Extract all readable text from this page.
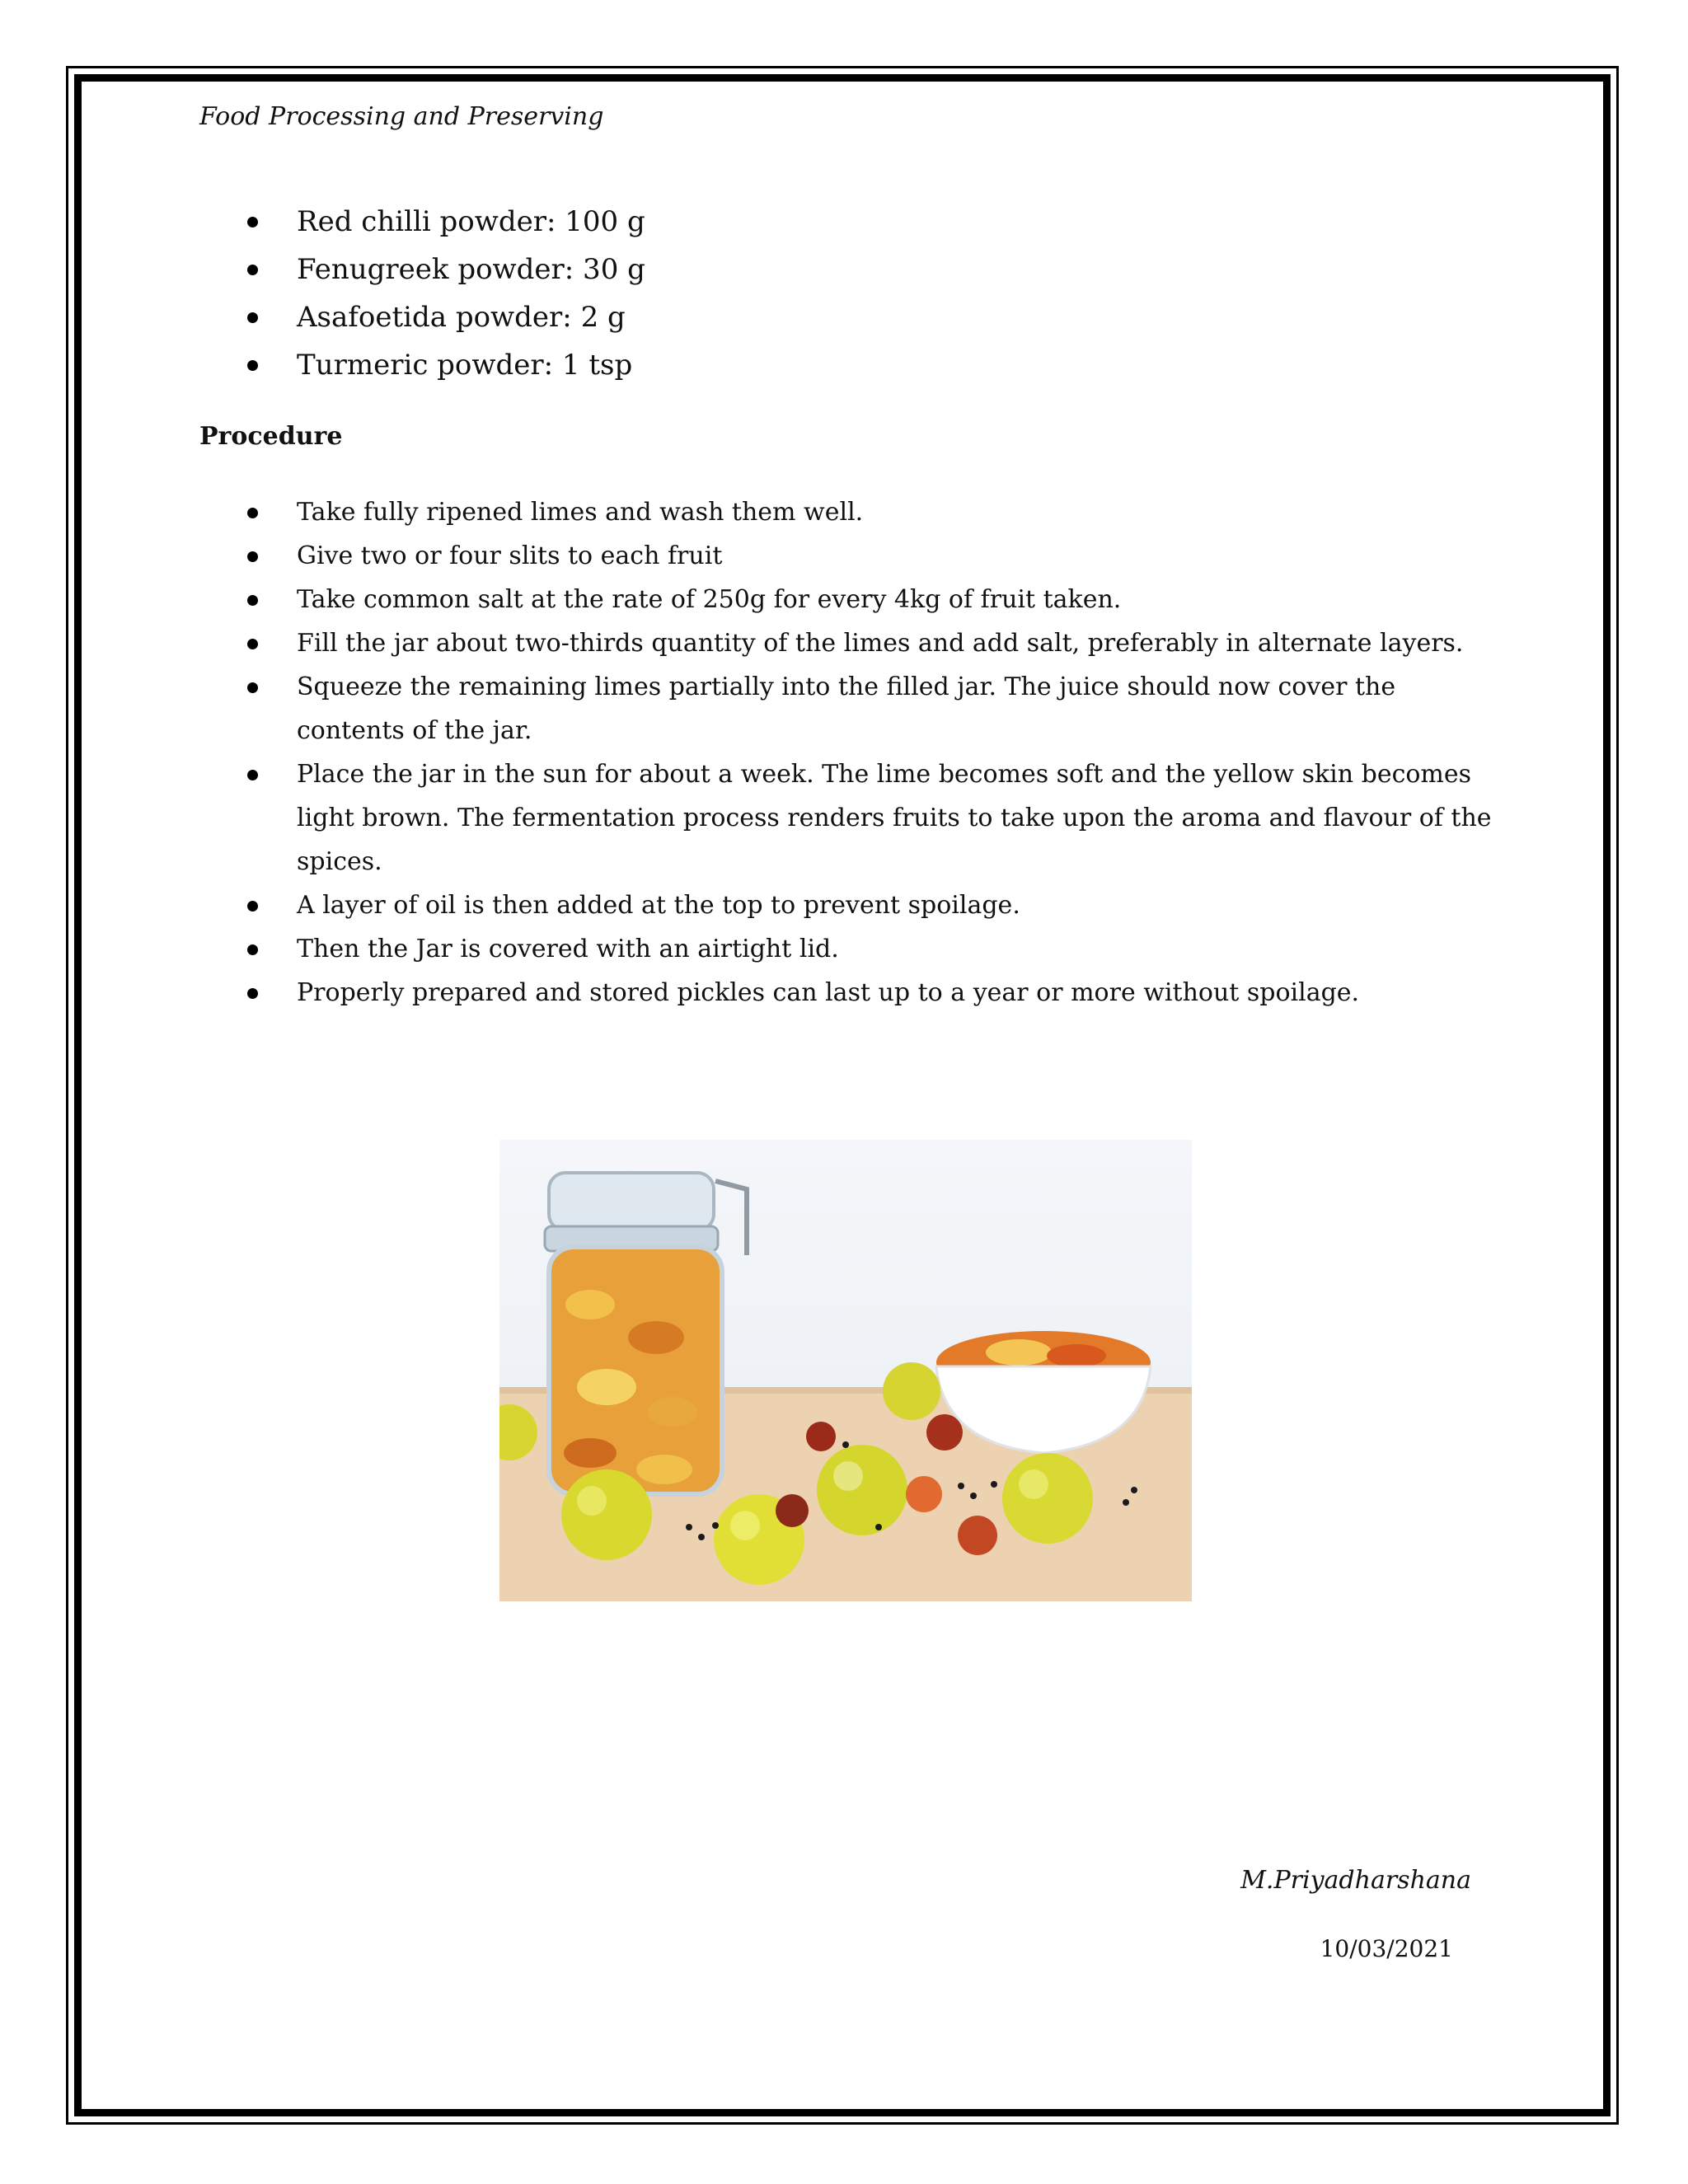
Food Processing and Preserving
Red chilli powder: 100 g
Fenugreek powder: 30 g
Asafoetida powder: 2 g
Turmeric powder: 1 tsp
Procedure
Take fully ripened limes and wash them well.
Give two or four slits to each fruit
Take common salt at the rate of 250g for every 4kg of fruit taken.
Fill the jar about two-thirds quantity of the limes and add salt, preferably in alternate layers.
Squeeze the remaining limes partially into the filled jar. The juice should now cover the contents of the jar.
Place the jar in the sun for about a week. The lime becomes soft and the yellow skin becomes light brown. The fermentation process renders fruits to take upon the aroma and flavour of the spices.
A layer of oil is then added at the top to prevent spoilage.
Then the Jar is covered with an airtight lid.
Properly prepared and stored pickles can last up to a year or more without spoilage.
M.Priyadharshana
10/03/2021
